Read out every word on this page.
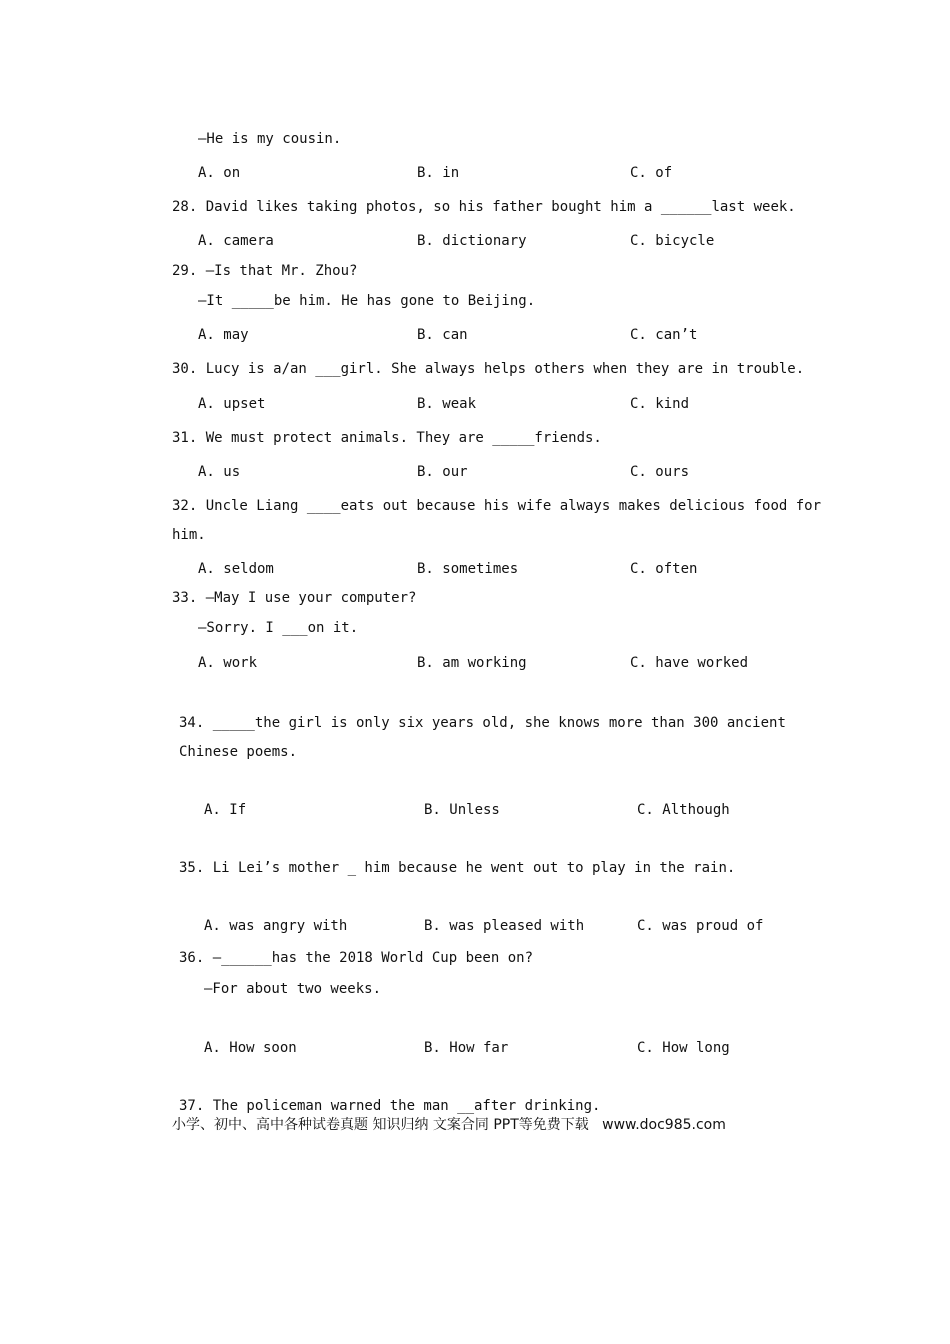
—He is my cousin.
A. on	B. in	C. of
28. David likes taking photos, so his father bought him a ______last week.
A. camera	B. dictionary	C. bicycle
29. —Is that Mr. Zhou?
—It _____be him. He has gone to Beijing.
A. may	B. can	C. can’t
30. Lucy is a/an ___girl. She always helps others when they are in trouble.
A. upset	B. weak	C. kind
31. We must protect animals. They are _____friends.
A. us	B. our	C. ours
32. Uncle Liang ____eats out because his wife always makes delicious food for
him.
A. seldom	B. sometimes	C. often
33. —May I use your computer?
—Sorry. I ___on it.
A. work	B. am working	C. have worked
34. _____the girl is only six years old, she knows more than 300 ancient
Chinese poems.
A. If	B. Unless	C. Although
35. Li Lei’s mother _ him because he went out to play in the rain.
A. was angry with	B. was pleased with	C. was proud of
36. —______has the 2018 World Cup been on?
—For about two weeks.
A. How soon	B. How far	C. How long
37. The policeman warned the man __after drinking.
小学、初中、高中各种试卷真题 知识归纳 文案合同 PPT等免费下载   www.doc985.com
